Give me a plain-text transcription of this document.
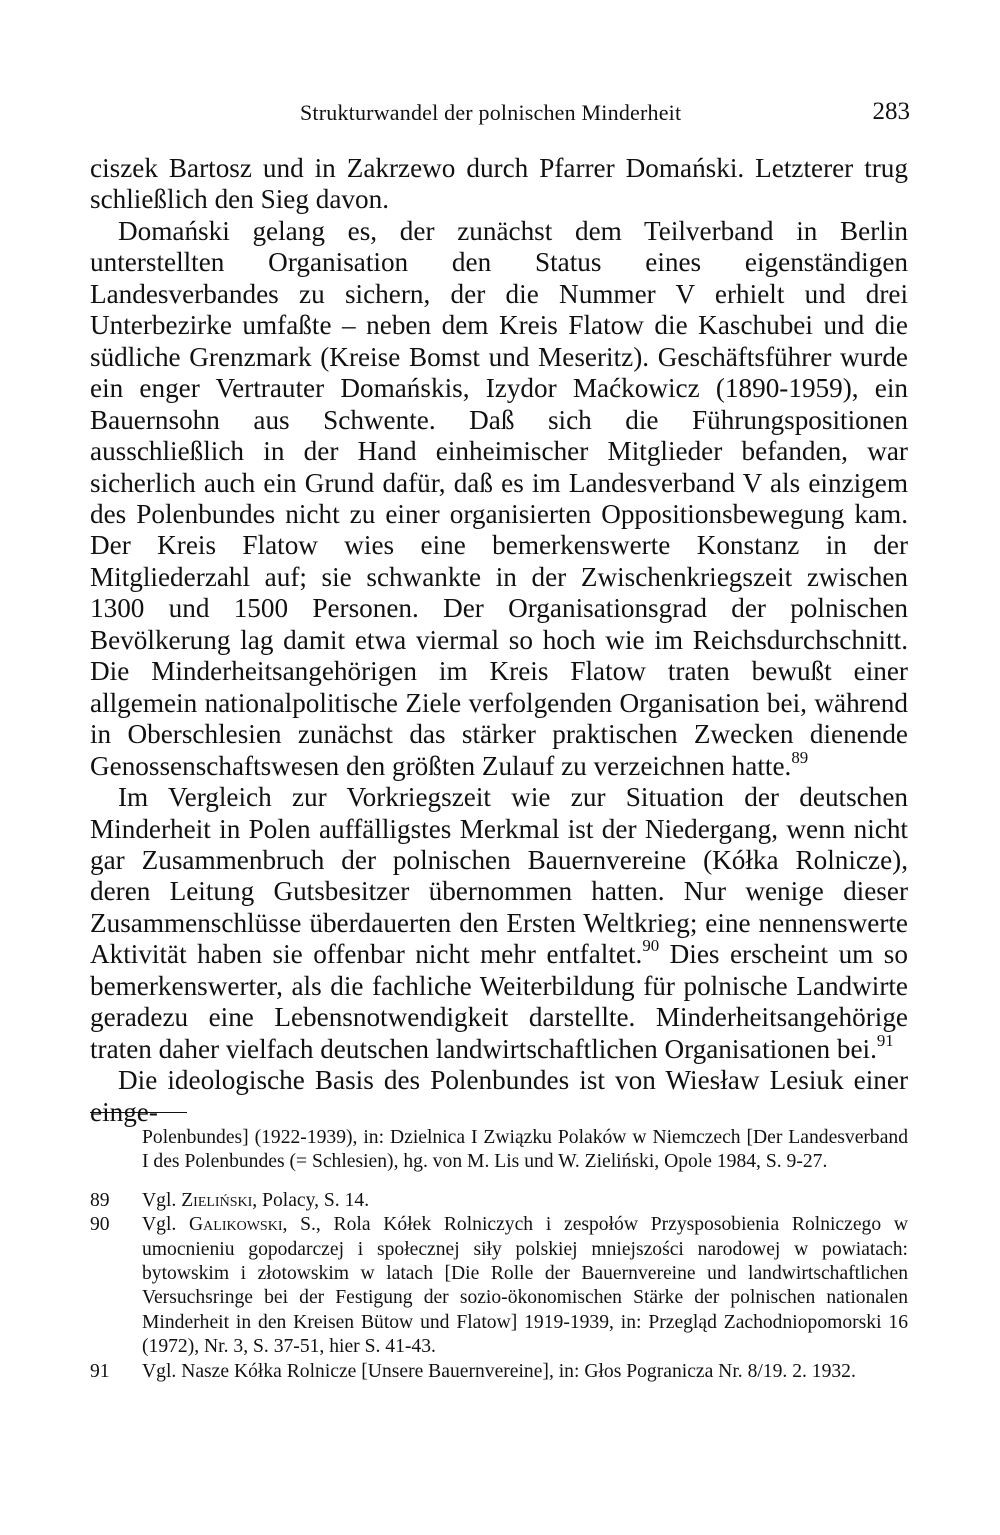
Strukturwandel der polnischen Minderheit	283

ciszek Bartosz und in Zakrzewo durch Pfarrer Domański. Letzterer trug schließlich den Sieg davon.

Domański gelang es, der zunächst dem Teilverband in Berlin unterstellten Organisation den Status eines eigenständigen Landesverbandes zu sichern, der die Nummer V erhielt und drei Unterbezirke umfaßte – neben dem Kreis Flatow die Kaschubei und die südliche Grenzmark (Kreise Bomst und Meseritz). Geschäftsführer wurde ein enger Vertrauter Domańskis, Izydor Maćkowicz (1890-1959), ein Bauernsohn aus Schwente. Daß sich die Führungspositionen ausschließlich in der Hand einheimischer Mitglieder befanden, war sicherlich auch ein Grund dafür, daß es im Landesverband V als einzigem des Polenbundes nicht zu einer organisierten Oppositionsbewegung kam. Der Kreis Flatow wies eine bemerkenswerte Konstanz in der Mitgliederzahl auf; sie schwankte in der Zwischenkriegszeit zwischen 1300 und 1500 Personen. Der Organisationsgrad der polnischen Bevölkerung lag damit etwa viermal so hoch wie im Reichsdurchschnitt. Die Minderheitsangehörigen im Kreis Flatow traten bewußt einer allgemein nationalpolitische Ziele verfolgenden Organisation bei, während in Oberschlesien zunächst das stärker praktischen Zwecken dienende Genossenschaftswesen den größten Zulauf zu verzeichnen hatte.$^{89}$

Im Vergleich zur Vorkriegszeit wie zur Situation der deutschen Minderheit in Polen auffälligstes Merkmal ist der Niedergang, wenn nicht gar Zusammenbruch der polnischen Bauernvereine (Kółka Rolnicze), deren Leitung Gutsbesitzer übernommen hatten. Nur wenige dieser Zusammenschlüsse überdauerten den Ersten Weltkrieg; eine nennenswerte Aktivität haben sie offenbar nicht mehr entfaltet.$^{90}$ Dies erscheint um so bemerkenswerter, als die fachliche Weiterbildung für polnische Landwirte geradezu eine Lebensnotwendigkeit darstellte. Minderheitsangehörige traten daher vielfach deutschen landwirtschaftlichen Organisationen bei.$^{91}$

Die ideologische Basis des Polenbundes ist von Wiesław Lesiuk einer einge-

Polenbundes] (1922-1939), in: Dzielnica I Związku Polaków w Niemczech [Der Landesverband I des Polenbundes (= Schlesien), hg. von M. Lis und W. Zieliński, Opole 1984, S. 9-27.
89 Vgl. Zieliński, Polacy, S. 14.
90 Vgl. Galikowski, S., Rola Kółek Rolniczych i zespołów Przysposobienia Rolniczego w umocnieniu gopodarczej i społecznej siły polskiej mniejszości narodowej w powiatach: bytowskim i złotowskim w latach [Die Rolle der Bauernvereine und landwirtschaftlichen Versuchsringe bei der Festigung der sozio-ökonomischen Stärke der polnischen nationalen Minderheit in den Kreisen Bütow und Flatow] 1919-1939, in: Przegląd Zachodniopomorski 16 (1972), Nr. 3, S. 37-51, hier S. 41-43.
91 Vgl. Nasze Kółka Rolnicze [Unsere Bauernvereine], in: Głos Pogranicza Nr. 8/19. 2. 1932.
